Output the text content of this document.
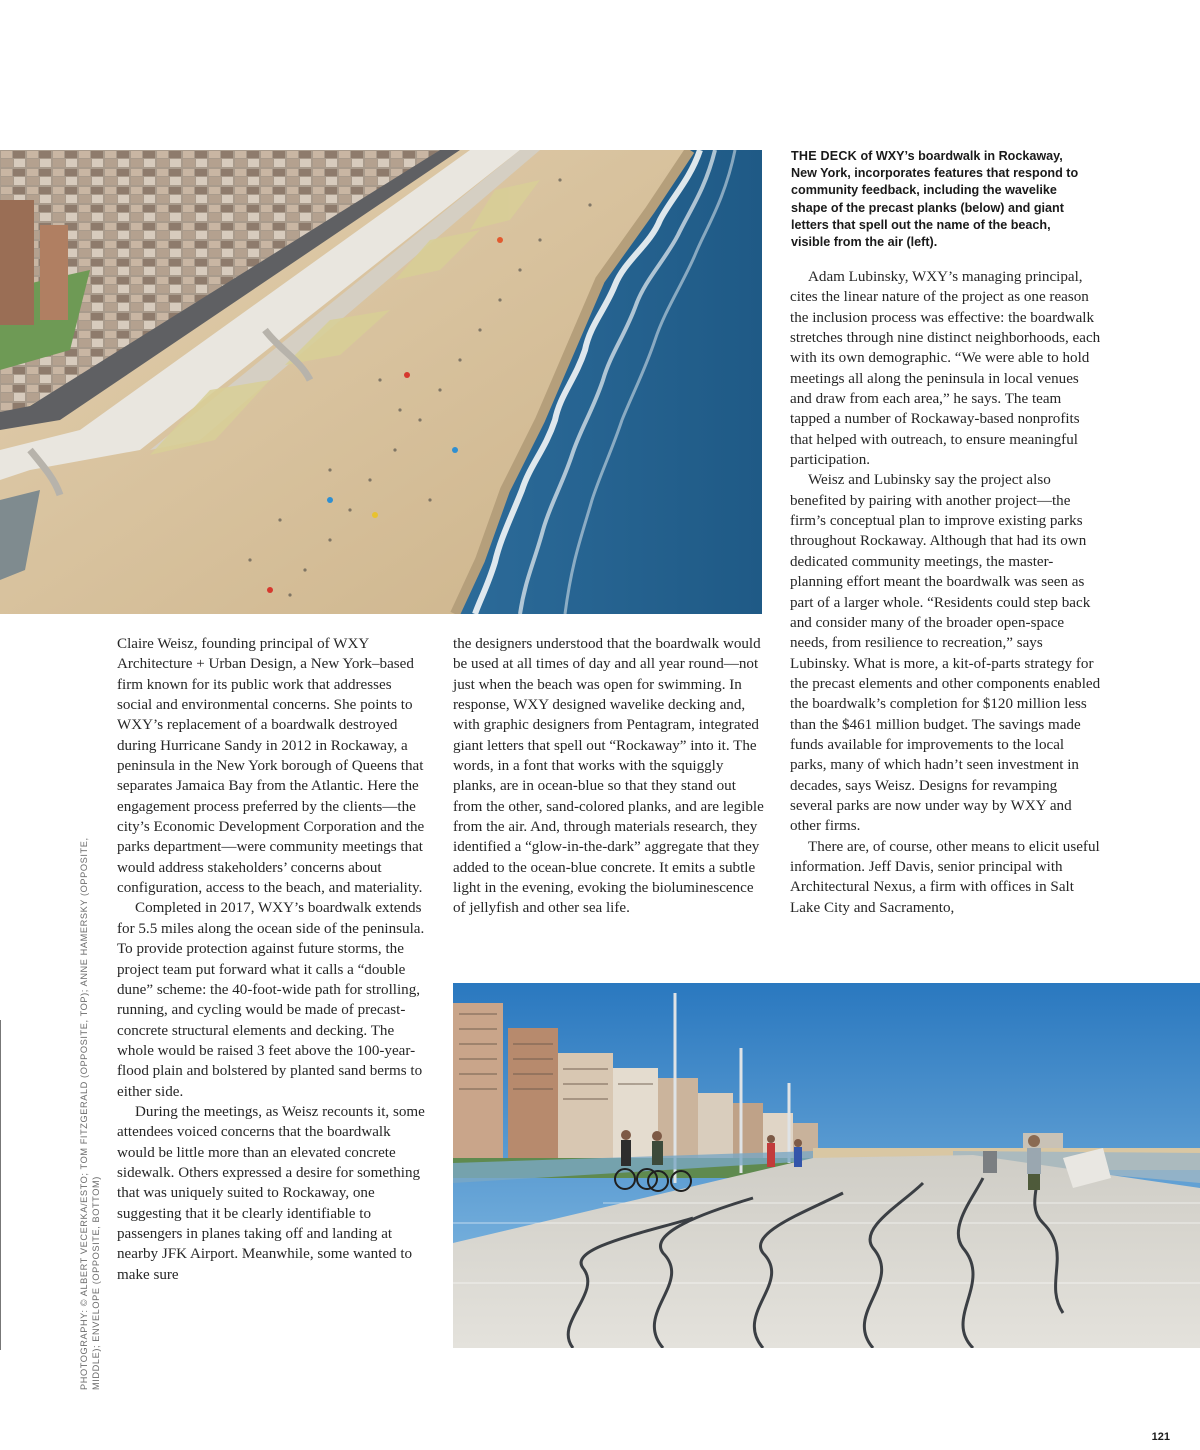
THE DECK of WXY’s boardwalk in Rockaway, New York, incorporates features that respond to community feedback, including the wavelike shape of the precast planks (below) and giant letters that spell out the name of the beach, visible from the air (left).

Adam Lubinsky, WXY’s managing principal, cites the linear nature of the project as one reason the inclusion process was effective: the boardwalk stretches through nine distinct neighborhoods, each with its own demographic. “We were able to hold meetings all along the peninsula in local venues and draw from each area,” he says. The team tapped a number of Rockaway-based nonprofits that helped with outreach, to ensure meaningful participation.

Weisz and Lubinsky say the project also benefited by pairing with another project—the firm’s conceptual plan to improve existing parks throughout Rockaway. Although that had its own dedicated community meetings, the master-planning effort meant the boardwalk was seen as part of a larger whole. “Residents could step back and consider many of the broader open-space needs, from resilience to recreation,” says Lubinsky. What is more, a kit-of-parts strategy for the precast elements and other components enabled the boardwalk’s completion for $120 million less than the $461 million budget. The savings made funds available for improvements to the local parks, many of which hadn’t seen investment in decades, says Weisz. Designs for revamping several parks are now under way by WXY and other firms.

There are, of course, other means to elicit useful information. Jeff Davis, senior principal with Architectural Nexus, a firm with offices in Salt Lake City and Sacramento,

Claire Weisz, founding principal of WXY Architecture + Urban Design, a New York–based firm known for its public work that addresses social and environmental concerns. She points to WXY’s replacement of a boardwalk destroyed during Hurricane Sandy in 2012 in Rockaway, a peninsula in the New York borough of Queens that separates Jamaica Bay from the Atlantic. Here the engagement process preferred by the clients—the city’s Economic Development Corporation and the parks department—were community meetings that would address stakeholders’ concerns about configuration, access to the beach, and materiality.

Completed in 2017, WXY’s boardwalk extends for 5.5 miles along the ocean side of the peninsula. To provide protection against future storms, the project team put forward what it calls a “double dune” scheme: the 40-foot-wide path for strolling, running, and cycling would be made of precast-concrete structural elements and decking. The whole would be raised 3 feet above the 100-year-flood plain and bolstered by planted sand berms to either side.

During the meetings, as Weisz recounts it, some attendees voiced concerns that the boardwalk would be little more than an elevated concrete sidewalk. Others expressed a desire for something that was uniquely suited to Rockaway, one suggesting that it be clearly identifiable to passengers in planes taking off and landing at nearby JFK Airport. Meanwhile, some wanted to make sure

the designers understood that the boardwalk would be used at all times of day and all year round—not just when the beach was open for swimming. In response, WXY designed wavelike decking and, with graphic designers from Pentagram, integrated giant letters that spell out “Rockaway” into it. The words, in a font that works with the squiggly planks, are in ocean-blue so that they stand out from the other, sand-colored planks, and are legible from the air. And, through materials research, they identified a “glow-in-the-dark” aggregate that they added to the ocean-blue concrete. It emits a subtle light in the evening, evoking the bioluminescence of jellyfish and other sea life.

PHOTOGRAPHY: © ALBERT VECERKA/ESTO; TOM FITZGERALD (OPPOSITE, TOP); ANNE HAMERSKY (OPPOSITE, MIDDLE); ENVELOPE (OPPOSITE, BOTTOM)
121
